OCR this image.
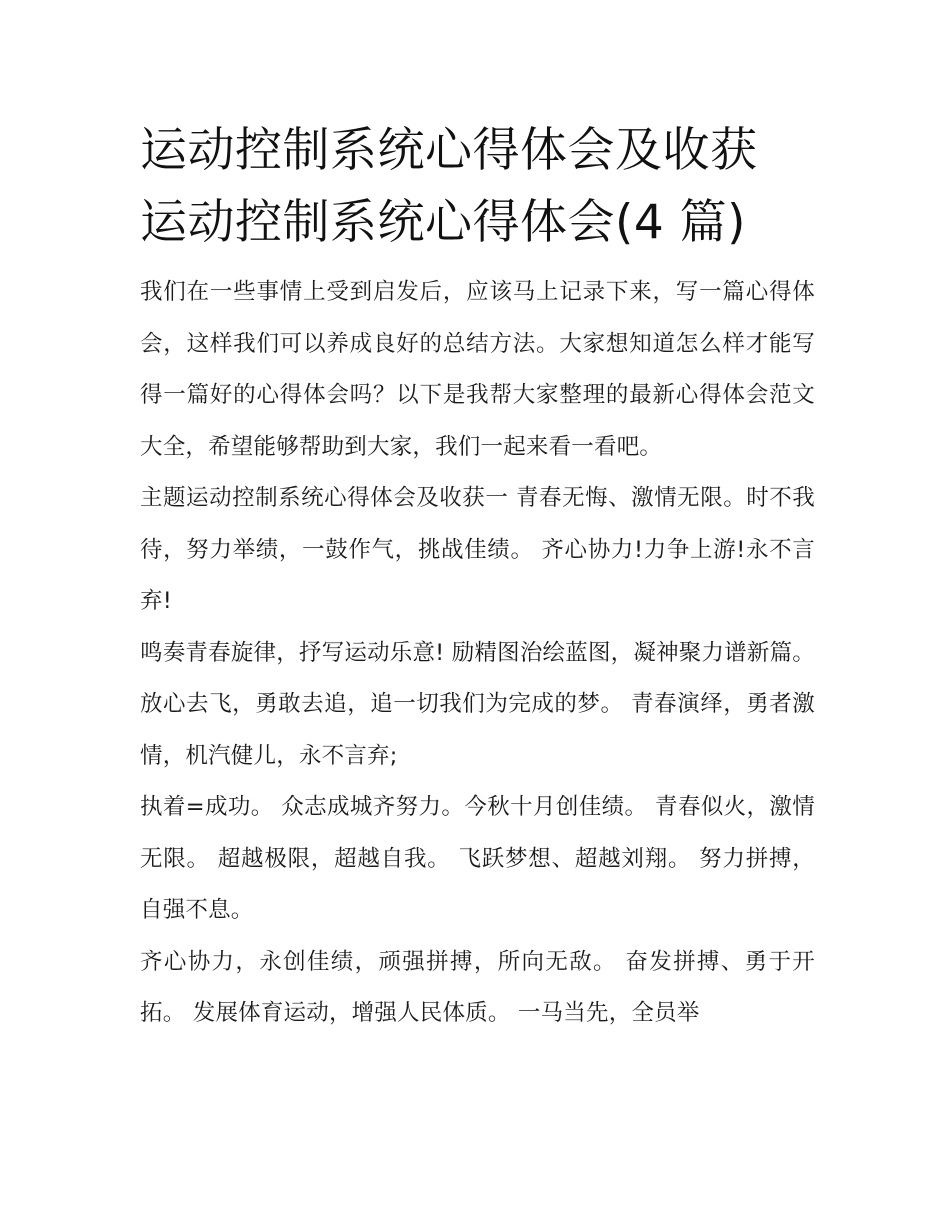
运动控制系统心得体会及收获
运动控制系统心得体会(4 篇)

我们在一些事情上受到启发后，应该马上记录下来，写一篇心得体会，这样我们可以养成良好的总结方法。大家想知道怎么样才能写得一篇好的心得体会吗？以下是我帮大家整理的最新心得体会范文大全，希望能够帮助到大家，我们一起来看一看吧。

主题运动控制系统心得体会及收获一 青春无悔、激情无限。时不我待，努力举绩，一鼓作气，挑战佳绩。 齐心协力!力争上游!永不言弃!

鸣奏青春旋律，抒写运动乐意! 励精图治绘蓝图，凝神聚力谱新篇。 放心去飞，勇敢去追，追一切我们为完成的梦。 青春演绎，勇者激情，机汽健儿，永不言弃;

执着=成功。 众志成城齐努力。今秋十月创佳绩。 青春似火，激情无限。 超越极限，超越自我。 飞跃梦想、超越刘翔。 努力拼搏，自强不息。

齐心协力，永创佳绩，顽强拼搏，所向无敌。 奋发拼搏、勇于开拓。 发展体育运动，增强人民体质。 一马当先，全员举
